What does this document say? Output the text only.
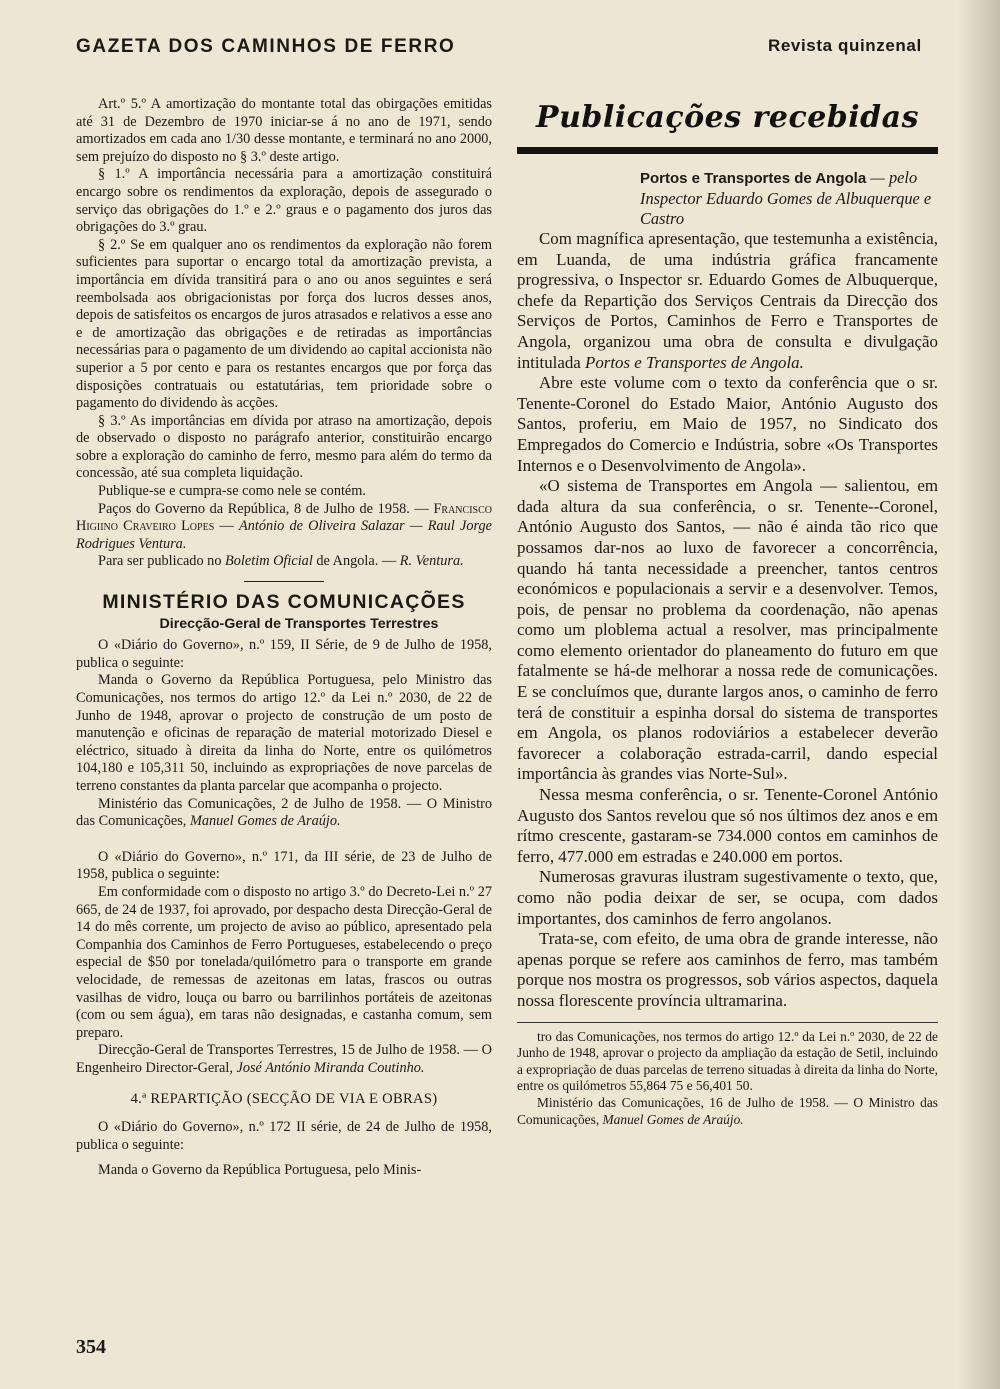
GAZETA DOS CAMINHOS DE FERRO	Revista quinzenal

Art.º 5.º A amortização do montante total das obirgações emitidas até 31 de Dezembro de 1970 iniciar-se á no ano de 1971, sendo amortizados em cada ano 1/30 desse montante, e terminará no ano 2000, sem prejuízo do disposto no § 3.º deste artigo.

§ 1.º A importância necessária para a amortização constituirá encargo sobre os rendimentos da exploração, depois de assegurado o serviço das obrigações do 1.º e 2.º graus e o pagamento dos juros das obrigações do 3.º grau.

§ 2.º Se em qualquer ano os rendimentos da exploração não forem suficientes para suportar o encargo total da amortização prevista, a importância em dívida transitirá para o ano ou anos seguintes e será reembolsada aos obrigacionistas por força dos lucros desses anos, depois de satisfeitos os encargos de juros atrasados e relativos a esse ano e de amortização das obrigações e de retiradas as importâncias necessárias para o pagamento de um dividendo ao capital accionista não superior a 5 por cento e para os restantes encargos que por força das disposições contratuais ou estatutárias, tem prioridade sobre o pagamento do dividendo às acções.

§ 3.º As importâncias em dívida por atraso na amortização, depois de observado o disposto no parágrafo anterior, constituirão encargo sobre a exploração do caminho de ferro, mesmo para além do termo da concessão, até sua completa liquidação.

Publique-se e cumpra-se como nele se contém.

Paços do Governo da República, 8 de Julho de 1958. — Francisco Higiino Craveiro Lopes — António de Oliveira Salazar — Raul Jorge Rodrigues Ventura.

Para ser publicado no Boletim Oficial de Angola. — R. Ventura.

MINISTÉRIO DAS COMUNICAÇÕES
Direcção-Geral de Transportes Terrestres

O «Diário do Governo», n.º 159, II Série, de 9 de Julho de 1958, publica o seguinte:

Manda o Governo da República Portuguesa, pelo Ministro das Comunicações, nos termos do artigo 12.º da Lei n.º 2030, de 22 de Junho de 1948, aprovar o projecto de construção de um posto de manutenção e oficinas de reparação de material motorizado Diesel e eléctrico, situado à direita da linha do Norte, entre os quilómetros 104,180 e 105,311 50, incluindo as expropriações de nove parcelas de terreno constantes da planta parcelar que acompanha o projecto.

Ministério das Comunicações, 2 de Julho de 1958. — O Ministro das Comunicações, Manuel Gomes de Araújo.

O «Diário do Governo», n.º 171, da III série, de 23 de Julho de 1958, publica o seguinte:

Em conformidade com o disposto no artigo 3.º do Decreto-Lei n.º 27 665, de 24 de 1937, foi aprovado, por despacho desta Direcção-Geral de 14 do mês corrente, um projecto de aviso ao público, apresentado pela Companhia dos Caminhos de Ferro Portugueses, estabelecendo o preço especial de $50 por tonelada/quilómetro para o transporte em grande velocidade, de remessas de azeitonas em latas, frascos ou outras vasilhas de vidro, louça ou barro ou barrilinhos portáteis de azeitonas (com ou sem água), em taras não designadas, e castanha comum, sem preparo.

Direcção-Geral de Transportes Terrestres, 15 de Julho de 1958. — O Engenheiro Director-Geral, José António Miranda Coutinho.

4.ª REPARTIÇÃO (SECÇÃO DE VIA E OBRAS)

O «Diário do Governo», n.º 172 II série, de 24 de Julho de 1958, publica o seguinte:

Manda o Governo da República Portuguesa, pelo Minis-

Publicações recebidas
Portos e Transportes de Angola — pelo Inspector Eduardo Gomes de Albuquerque e Castro

Com magnífica apresentação, que testemunha a existência, em Luanda, de uma indústria gráfica francamente progressiva, o Inspector sr. Eduardo Gomes de Albuquerque, chefe da Repartição dos Serviços Centrais da Direcção dos Serviços de Portos, Caminhos de Ferro e Transportes de Angola, organizou uma obra de consulta e divulgação intitulada Portos e Transportes de Angola.

Abre este volume com o texto da conferência que o sr. Tenente-Coronel do Estado Maior, António Augusto dos Santos, proferiu, em Maio de 1957, no Sindicato dos Empregados do Comercio e Indústria, sobre «Os Transportes Internos e o Desenvolvimento de Angola».

«O sistema de Transportes em Angola — salientou, em dada altura da sua conferência, o sr. Tenente--Coronel, António Augusto dos Santos, — não é ainda tão rico que possamos dar-nos ao luxo de favorecer a concorrência, quando há tanta necessidade a preencher, tantos centros económicos e populacionais a servir e a desenvolver. Temos, pois, de pensar no problema da coordenação, não apenas como um ploblema actual a resolver, mas principalmente como elemento orientador do planeamento do futuro em que fatalmente se há-de melhorar a nossa rede de comunicações. E se concluímos que, durante largos anos, o caminho de ferro terá de constituir a espinha dorsal do sistema de transportes em Angola, os planos rodoviários a estabelecer deverão favorecer a colaboração estrada-carril, dando especial importância às grandes vias Norte-Sul».

Nessa mesma conferência, o sr. Tenente-Coronel António Augusto dos Santos revelou que só nos últimos dez anos e em rítmo crescente, gastaram-se 734.000 contos em caminhos de ferro, 477.000 em estradas e 240.000 em portos.

Numerosas gravuras ilustram sugestivamente o texto, que, como não podia deixar de ser, se ocupa, com dados importantes, dos caminhos de ferro angolanos.

Trata-se, com efeito, de uma obra de grande interesse, não apenas porque se refere aos caminhos de ferro, mas também porque nos mostra os progressos, sob vários aspectos, daquela nossa florescente província ultramarina.

tro das Comunicações, nos termos do artigo 12.º da Lei n.º 2030, de 22 de Junho de 1948, aprovar o projecto da ampliação da estação de Setil, incluindo a expropriação de duas parcelas de terreno situadas à direita da linha do Norte, entre os quilómetros 55,864 75 e 56,401 50.

Ministério das Comunicações, 16 de Julho de 1958. — O Ministro das Comunicações, Manuel Gomes de Araújo.

354
